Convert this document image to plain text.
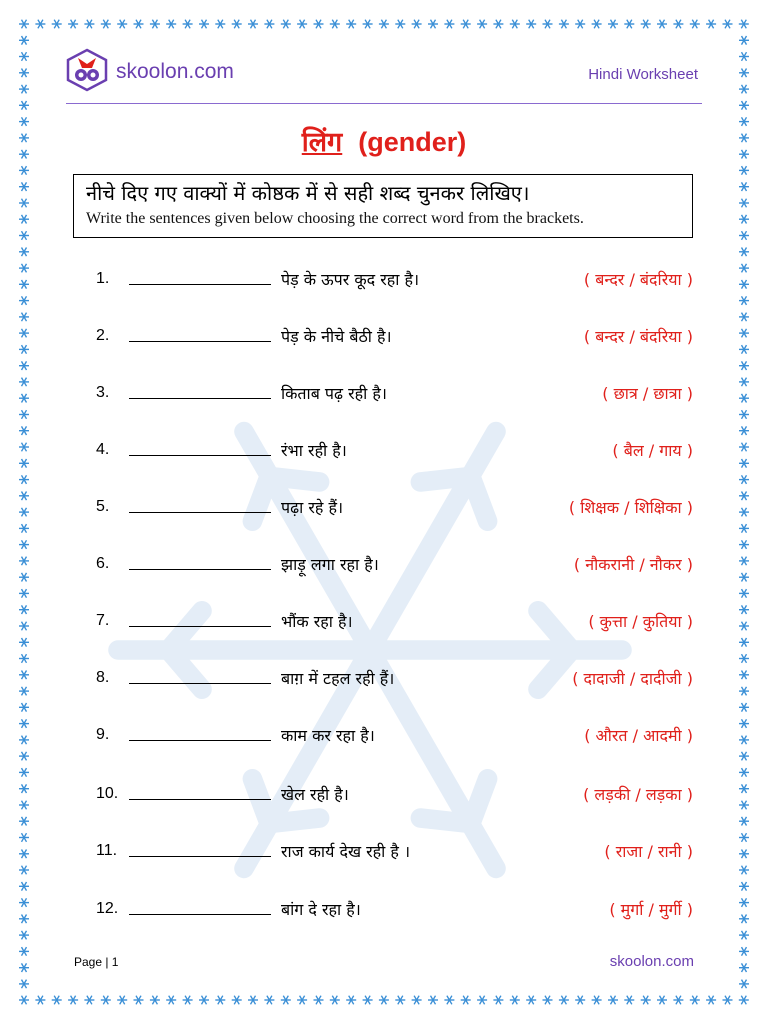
skoolon.com	Hindi Worksheet
लिंग (gender)
नीचे दिए गए वाक्यों में कोष्ठक में से सही शब्द चुनकर लिखिए।
Write the sentences given below choosing the correct word from the brackets.
1.	पेड़ के ऊपर कूद रहा है।	( बन्दर / बंदरिया )
2.	पेड़ के नीचे बैठी है।	( बन्दर / बंदरिया )
3.	किताब पढ़ रही है।	( छात्र / छात्रा )
4.	रंभा रही है।	( बैल / गाय )
5.	पढ़ा रहे हैं।	( शिक्षक / शिक्षिका )
6.	झाड़ू लगा रहा है।	( नौकरानी / नौकर )
7.	भौंक रहा है।	( कुत्ता / कुतिया )
8.	बाग़ में टहल रही हैं।	( दादाजी / दादीजी )
9.	काम कर रहा है।	( औरत / आदमी )
10.	खेल रही है।	( लड़की / लड़का )
11.	राज कार्य देख रही है ।	( राजा / रानी )
12.	बांग दे रहा है।	( मुर्गा / मुर्गी )
Page | 1	skoolon.com
